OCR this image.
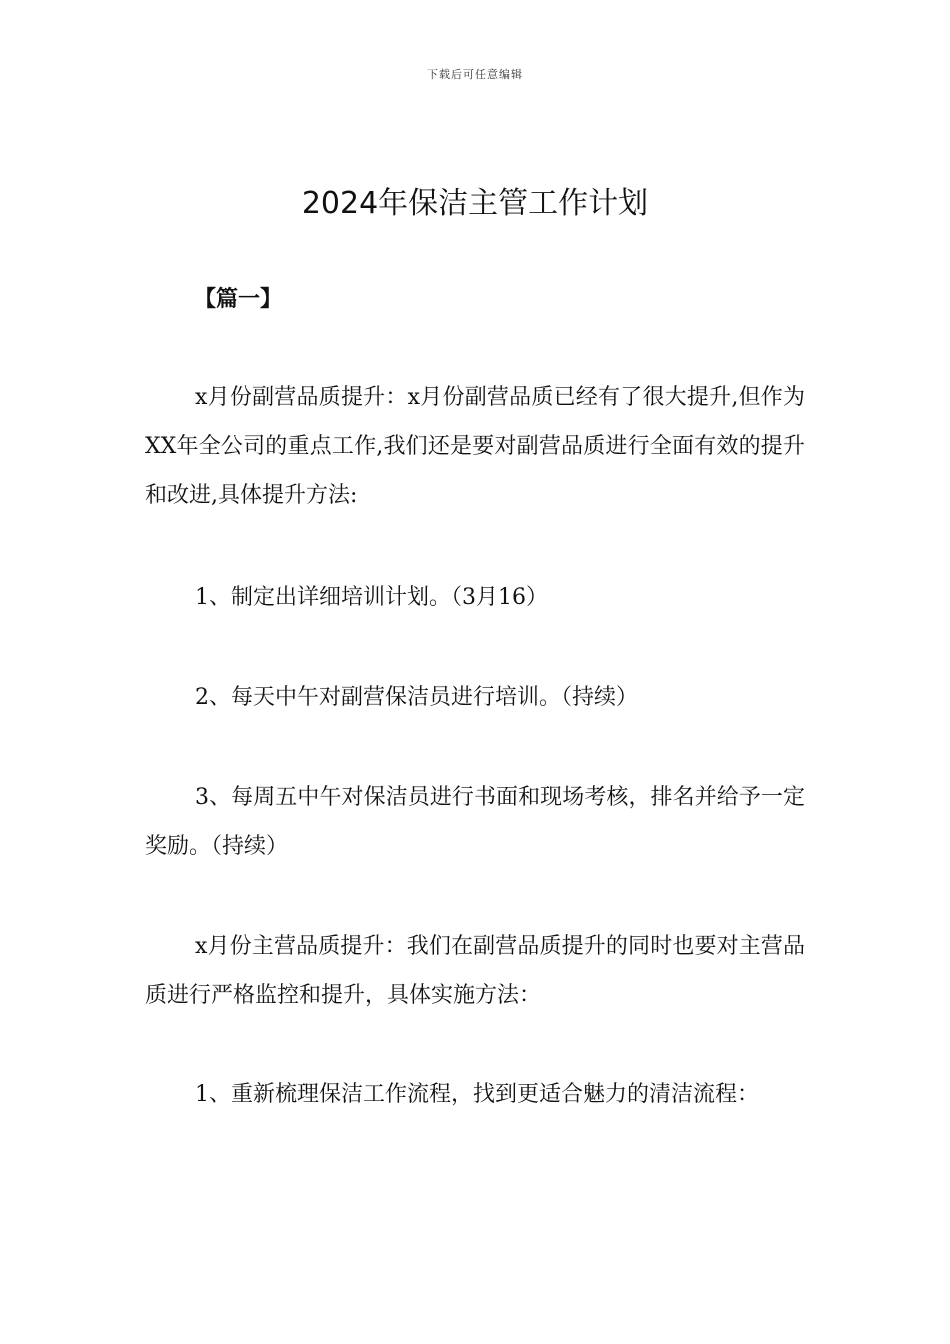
下载后可任意编辑
2024年保洁主管工作计划
【篇一】

x月份副营品质提升：x月份副营品质已经有了很大提升,但作为XX年全公司的重点工作,我们还是要对副营品质进行全面有效的提升和改进,具体提升方法:

1、制定出详细培训计划。（3月16）

2、每天中午对副营保洁员进行培训。（持续）

3、每周五中午对保洁员进行书面和现场考核，排名并给予一定奖励。（持续）

x月份主营品质提升：我们在副营品质提升的同时也要对主营品质进行严格监控和提升，具体实施方法：

1、重新梳理保洁工作流程，找到更适合魅力的清洁流程：
